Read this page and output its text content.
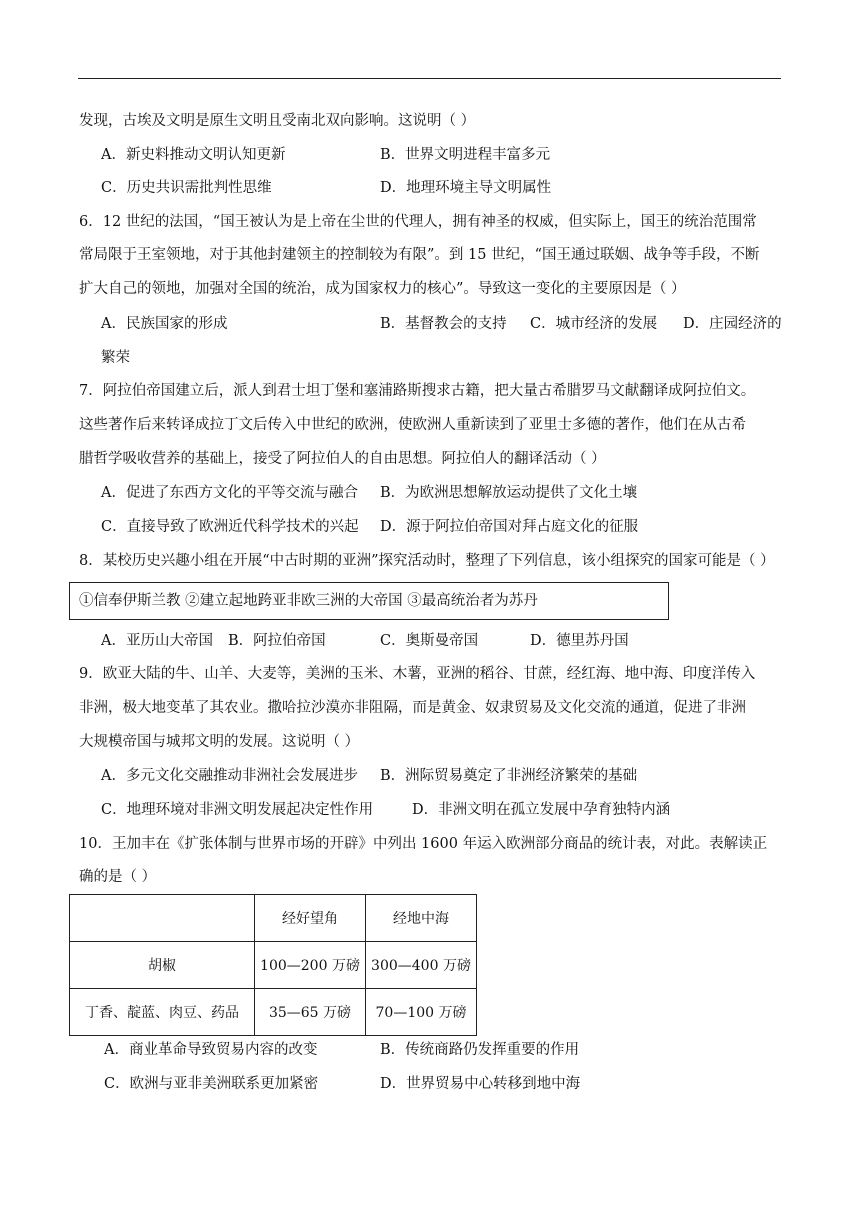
发现，古埃及文明是原生文明且受南北双向影响。这说明（ ）
A．新史料推动文明认知更新	B．世界文明进程丰富多元
C．历史共识需批判性思维	D．地理环境主导文明属性
6．12 世纪的法国，“国王被认为是上帝在尘世的代理人，拥有神圣的权威，但实际上，国王的统治范围常
常局限于王室领地，对于其他封建领主的控制较为有限”。到 15 世纪，“国王通过联姻、战争等手段，不断
扩大自己的领地，加强对全国的统治，成为国家权力的核心”。导致这一变化的主要原因是（ ）
A．民族国家的形成	B．基督教会的支持 C．城市经济的发展 D．庄园经济的
繁荣
7．阿拉伯帝国建立后，派人到君士坦丁堡和塞浦路斯搜求古籍，把大量古希腊罗马文献翻译成阿拉伯文。
这些著作后来转译成拉丁文后传入中世纪的欧洲，使欧洲人重新读到了亚里士多德的著作，他们在从古希
腊哲学吸收营养的基础上，接受了阿拉伯人的自由思想。阿拉伯人的翻译活动（ ）
A．促进了东西方文化的平等交流与融合 B．为欧洲思想解放运动提供了文化土壤
C．直接导致了欧洲近代科学技术的兴起 D．源于阿拉伯帝国对拜占庭文化的征服
8．某校历史兴趣小组在开展“中古时期的亚洲”探究活动时，整理了下列信息，该小组探究的国家可能是（ ）
①信奉伊斯兰教 ②建立起地跨亚非欧三洲的大帝国 ③最高统治者为苏丹
A．亚历山大帝国 B．阿拉伯帝国	C．奥斯曼帝国	D．德里苏丹国
9．欧亚大陆的牛、山羊、大麦等，美洲的玉米、木薯，亚洲的稻谷、甘蔗，经红海、地中海、印度洋传入
非洲，极大地变革了其农业。撒哈拉沙漠亦非阻隔，而是黄金、奴隶贸易及文化交流的通道，促进了非洲
大规模帝国与城邦文明的发展。这说明（ ）
A．多元文化交融推动非洲社会发展进步 B．洲际贸易奠定了非洲经济繁荣的基础
C．地理环境对非洲文明发展起决定性作用	D．非洲文明在孤立发展中孕育独特内涵
10．王加丰在《扩张体制与世界市场的开辟》中列出 1600 年运入欧洲部分商品的统计表，对此。表解读正
确的是（ ）
	经好望角	经地中海
胡椒	100—200 万磅	300—400 万磅
丁香、靛蓝、肉豆、药品	35—65 万磅	70—100 万磅
A．商业革命导致贸易内容的改变	B．传统商路仍发挥重要的作用
C．欧洲与亚非美洲联系更加紧密	D．世界贸易中心转移到地中海
